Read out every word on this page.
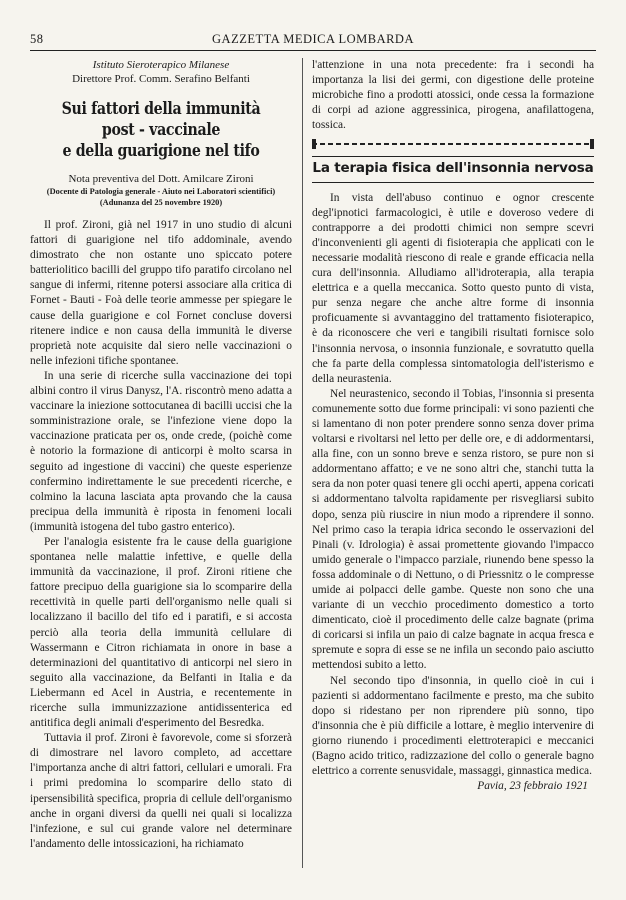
58	GAZZETTA MEDICA LOMBARDA
Istituto Sieroterapico Milanese
Direttore Prof. Comm. Serafino Belfanti
Sui fattori della immunità post - vaccinale
e della guarigione nel tifo
Nota preventiva del Dott. Amilcare Zironi
(Docente di Patologia generale - Aiuto nei Laboratori scientifici)
(Adunanza del 25 novembre 1920)

Il prof. Zironi, già nel 1917 in uno studio di alcuni fattori di guarigione nel tifo addominale, avendo dimostrato che non ostante uno spiccato potere batteriolitico bacilli del gruppo tifo paratifo circolano nel sangue di infermi, ritenne potersi associare alla critica di Fornet - Bauti - Foà delle teorie ammesse per spiegare le cause della guarigione e col Fornet concluse doversi ritenere indice e non causa della immunità le diverse proprietà note acquisite dal siero nelle vaccinazioni o nelle infezioni tifiche spontanee.

In una serie di ricerche sulla vaccinazione dei topi albini contro il virus Danysz, l'A. riscontrò meno adatta a vaccinare la iniezione sottocutanea di bacilli uccisi che la somministrazione orale, se l'infezione viene dopo la vaccinazione praticata per os, onde crede, (poichè come è notorio la formazione di anticorpi è molto scarsa in seguito ad ingestione di vaccini) che queste esperienze confermino indirettamente le sue precedenti ricerche, e colmino la lacuna lasciata apta provando che la causa precipua della immunità è riposta in fenomeni locali (immunità istogena del tubo gastro enterico).

Per l'analogia esistente fra le cause della guarigione spontanea nelle malattie infettive, e quelle della immunità da vaccinazione, il prof. Zironi ritiene che fattore precipuo della guarigione sia lo scomparire della recettività in quelle parti dell'organismo nelle quali si localizzano il bacillo del tifo ed i paratifi, e si accosta perciò alla teoria della immunità cellulare di Wassermann e Citron richiamata in onore in base a determinazioni del quantitativo di anticorpi nel siero in seguito alla vaccinazione, da Belfanti in Italia e da Liebermann ed Acel in Austria, e recentemente in ricerche sulla immunizzazione antidissenterica ed antitifica degli animali d'esperimento del Besredka.

Tuttavia il prof. Zironi è favorevole, come si sforzerà di dimostrare nel lavoro completo, ad accettare l'importanza anche di altri fattori, cellulari e umorali. Fra i primi predomina lo scomparire dello stato di ipersensibilità specifica, propria di cellule dell'organismo anche in organi diversi da quelli nei quali si localizza l'infezione, e sul cui grande valore nel determinare l'andamento delle intossicazioni, ha richiamato

l'attenzione in una nota precedente: fra i secondi ha importanza la lisi dei germi, con digestione delle proteine microbiche fino a prodotti atossici, onde cessa la formazione di corpi ad azione aggressinica, pirogena, anafilattogena, tossica.

La terapia fisica dell'insonnia nervosa

In vista dell'abuso continuo e ognor crescente degl'ipnotici farmacologici, è utile e doveroso vedere di contrapporre a dei prodotti chimici non sempre scevri d'inconvenienti gli agenti di fisioterapia che applicati con le necessarie modalità riescono di reale e grande efficacia nella cura dell'insonnia. Alludiamo all'idroterapia, alla terapia elettrica e a quella meccanica. Sotto questo punto di vista, pur senza negare che anche altre forme di insonnia proficuamente si avvantaggino del trattamento fisioterapico, è da riconoscere che veri e tangibili risultati fornisce solo l'insonnia nervosa, o insonnia funzionale, e sovratutto quella che fa parte della complessa sintomatologia dell'isterismo e della neurastenia.

Nel neurastenico, secondo il Tobias, l'insonnia si presenta comunemente sotto due forme principali: vi sono pazienti che si lamentano di non poter prendere sonno senza dover prima voltarsi e rivoltarsi nel letto per delle ore, e di addormentarsi, alla fine, con un sonno breve e senza ristoro, se pure non si addormentano affatto; e ve ne sono altri che, stanchi tutta la sera da non poter quasi tenere gli occhi aperti, appena coricati si addormentano talvolta rapidamente per risvegliarsi subito dopo, senza più riuscire in niun modo a riprendere il sonno. Nel primo caso la terapia idrica secondo le osservazioni del Pinali (v. Idrologia) è assai promettente giovando l'impacco umido generale o l'impacco parziale, riunendo bene spesso la fossa addominale o di Nettuno, o di Priessnitz o le compresse umide ai polpacci delle gambe. Queste non sono che una variante di un vecchio procedimento domestico a torto dimenticato, cioè il procedimento delle calze bagnate (prima di coricarsi si infila un paio di calze bagnate in acqua fresca e spremute e sopra di esse se ne infila un secondo paio asciutto mettendosi subito a letto.

Nel secondo tipo d'insonnia, in quello cioè in cui i pazienti si addormentano facilmente e presto, ma che subito dopo si ridestano per non riprendere più sonno, tipo d'insonnia che è più difficile a lottare, è meglio intervenire di giorno riunendo i procedimenti elettroterapici e meccanici (Bagno acido tritico, radizzazione del collo o generale bagno elettrico a corrente senusvidale, massaggi, ginnastica medica.

Pavia, 23 febbraio 1921
